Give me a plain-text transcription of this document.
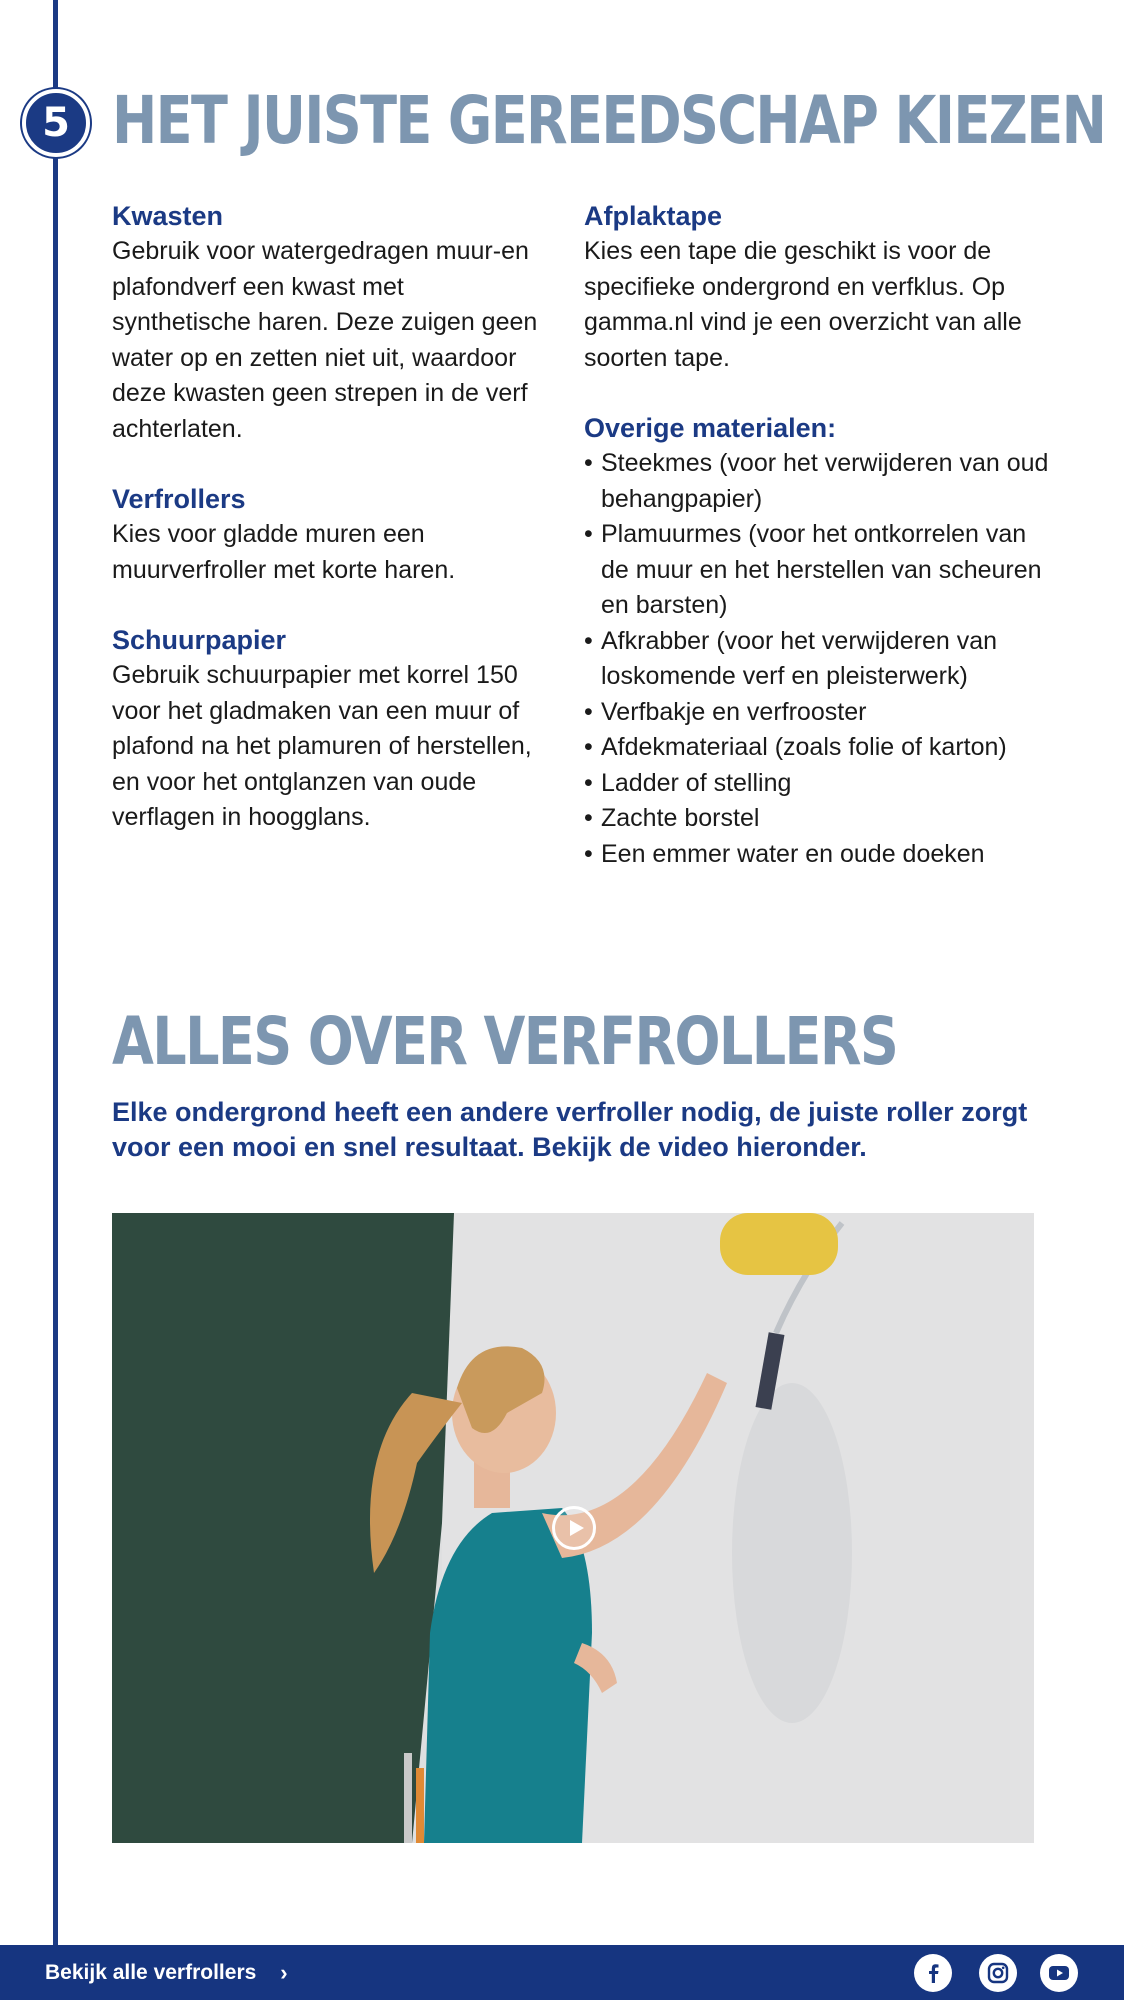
5 HET JUISTE GEREEDSCHAP KIEZEN
Kwasten

Gebruik voor watergedragen muur-en plafondverf een kwast met synthetische haren. Deze zuigen geen water op en zetten niet uit, waardoor deze kwasten geen strepen in de verf achterlaten.

Verfrollers

Kies voor gladde muren een muurverfroller met korte haren.

Schuurpapier

Gebruik schuurpapier met korrel 150 voor het gladmaken van een muur of plafond na het plamuren of herstellen, en voor het ontglanzen van oude verflagen in hoogglans.

Afplaktape

Kies een tape die geschikt is voor de specifieke ondergrond en verfklus. Op gamma.nl vind je een overzicht van alle soorten tape.

Overige materialen:
• Steekmes (voor het verwijderen van oud behangpapier)
• Plamuurmes (voor het ontkorrelen van de muur en het herstellen van scheuren en barsten)
• Afkrabber (voor het verwijderen van loskomende verf en pleisterwerk)
• Verfbakje en verfrooster
• Afdekmateriaal (zoals folie of karton)
• Ladder of stelling
• Zachte borstel
• Een emmer water en oude doeken
ALLES OVER VERFROLLERS

Elke ondergrond heeft een andere verfroller nodig, de juiste roller zorgt voor een mooi en snel resultaat. Bekijk de video hieronder.

Bekijk alle verfrollers ›
